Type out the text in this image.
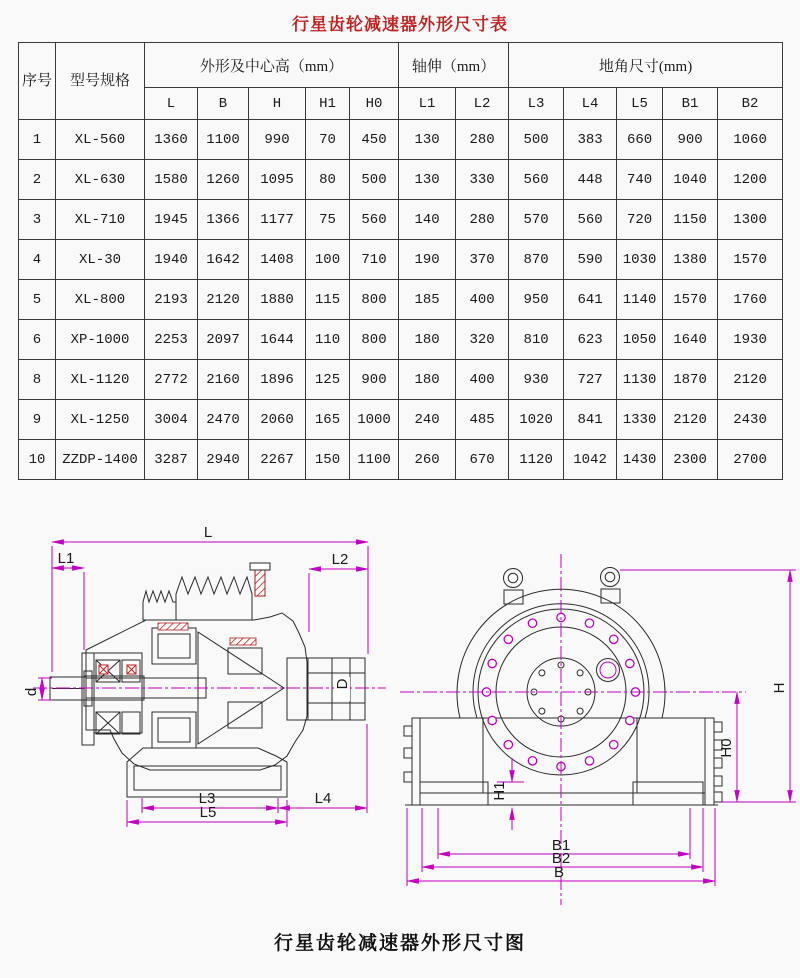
行星齿轮减速器外形尺寸表
序号	型号规格	外形及中心高（mm）					轴伸（mm）		地角尺寸(mm)				
		L	B	H	H1	H0	L1	L2	L3	L4	L5	B1	B2
1	XL-560	1360	1100	990	70	450	130	280	500	383	660	900	1060
2	XL-630	1580	1260	1095	80	500	130	330	560	448	740	1040	1200
3	XL-710	1945	1366	1177	75	560	140	280	570	560	720	1150	1300
4	XL-30	1940	1642	1408	100	710	190	370	870	590	1030	1380	1570
5	XL-800	2193	2120	1880	115	800	185	400	950	641	1140	1570	1760
6	XP-1000	2253	2097	1644	110	800	180	320	810	623	1050	1640	1930
8	XL-1120	2772	2160	1896	125	900	180	400	930	727	1130	1870	2120
9	XL-1250	3004	2470	2060	165	1000	240	485	1020	841	1330	2120	2430
10	ZZDP-1400	3287	2940	2267	150	1100	260	670	1120	1042	1430	2300	2700
L
L1	L2
L3	L4
L5
d
D	H
H0
H1
B1
B2
B
行星齿轮减速器外形尺寸图
